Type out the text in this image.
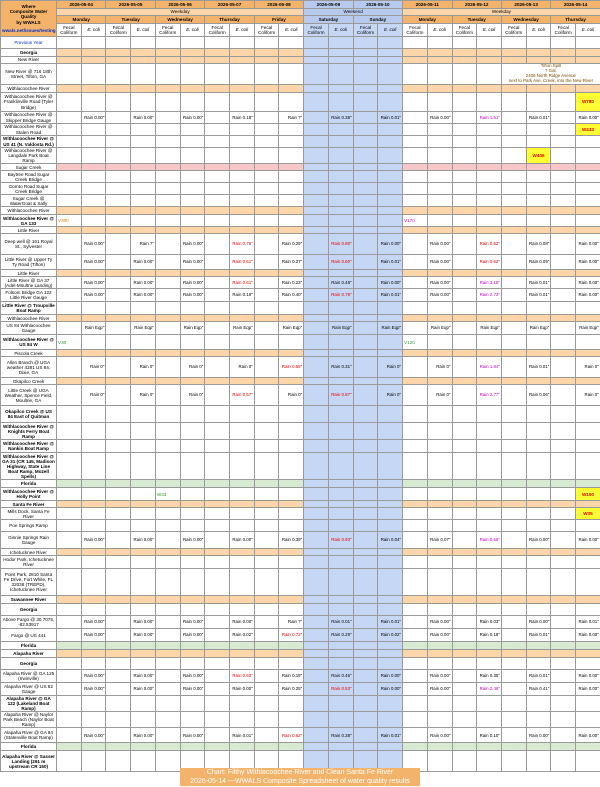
Where
Composite Water Quality
by WWALS
wwals.net/issues/testing	2026-05-04		2026-05-05		2026-05-06		2026-05-07		2026-05-08		2026-05-09		2026-05-10		2026-05-11		2026-05-12		2026-05-13		2026-05-14	
	Weekday										Weekend				Weekday							
	Monday		Tuesday		Wednesday		Thursday		Friday		Saturday		Sunday		Monday		Tuesday		Wednesday		Thursday	
	Fecal Coliform	E. coli	Fecal Coliform	E. coli	Fecal Coliform	E. coli	Fecal Coliform	E. coli	Fecal Coliform	E. coli	Fecal Coliform	E. coli	Fecal Coliform	E. coli	Fecal Coliform	E. coli	Fecal Coliform	E. coli	Fecal Coliform	E. coli	Fecal Coliform	E. coli
Previous Year																						
Georgia																						
New River																						
New River @ 716 18th Street, Tifton, GA																			Tifton Spill
? Gal.
2406 North Ridge Avenue
next to Park Ave. Creek, into the New River			
Withlacoochee River																						
Withlacoochee River @ Franklinville Road (Tyler Bridge)																						W780
Withlacoochee River @ Skipper Bridge Gauge		Rain 0.00"		Rain 0.00"		Rain 0.00"		Rain 0.18"		Rain ?"		Rain 0.38"		Rain 0.01"		Rain 0.00"		Rain 1.51"		Rain 0.01"		Rain 0.00"
Withlacoochee River @ Stalen Road																						W433
Withlacoochee River @ US 41 (N. Valdosta Rd.)																						
Withlacoochee River @ Langdale Park Boat Ramp																				W406		
Sugar Creek																						
Baytree Road Sugar Creek Bridge																						
Gornto Road Sugar Creek Bridge																						
Sugar Creek @ WaterGoat & Sally																						
Withlacoochee River																						
Withlacoochee River @ GA 133	V300														V170							
Little River																						
Deep well @ 161 Royal St., Sylvester		Rain 0.00"		Rain ?"		Rain 0.00"		Rain 0.76"		Rain 0.29"		Rain 0.80"		Rain 0.00"		Rain 0.00"		Rain 0.62"		Rain 0.08"		Rain 0.00"
Little River @ Upper Ty Ty Road (Tifton)		Rain 0.00"		Rain 0.00"		Rain 0.00"		Rain 0.61"		Rain 0.27"		Rain 0.60"		Rain 0.01"		Rain 0.00"		Rain 0.62"		Rain 0.09"		Rain 0.00"
Little River																						
Little River @ GA 37 (Adel-Moultrie Landing)		Rain 0.00"		Rain 0.00"		Rain 0.00"		Rain 0.61"		Rain 0.23"		Rain 0.48"		Rain 0.00"		Rain 0.00"		Rain 3.18"		Rain 0.01"		Rain 0.00"
Folsom Bridge GA 122 Little River Gauge		Rain 0.00"		Rain 0.00"		Rain 0.00"		Rain 0.19"		Rain 0.40"		Rain 0.79"		Rain 0.01"		Rain 0.00"		Rain 2.73"		Rain 0.01"		Rain 0.00"
Little River @ Troupville Boat Ramp																						
Withlacoochee River																						
US 84 Withlacoochee Gauge		Rain Eqp"		Rain Eqp"		Rain Eqp"		Rain Eqp"		Rain Eqp"		Rain Eqp"		Rain Eqp"		Rain Eqp"		Rain Eqp"		Rain Eqp"		Rain Eqp"
Withlacoochee River @ US 84 W	V30														V120							
Piscola Creek																						
Allen Branch @ UGA weather 4281 US 84, Dixie, GA		Rain 0"		Rain 0"		Rain 0"		Rain 0"		Rain 0.55"		Rain 0.31"		Rain 0"		Rain 0"		Rain 1.84"		Rain 0.01"		Rain 0"
Okapilco Creek																						
Little Creek @ UGA Weather, Spence Field, Moultrie, GA		Rain 0"		Rain 0"		Rain 0"		Rain 0.57"		Rain 0"		Rain 0.87"		Rain 0"		Rain 0"		Rain 2.77"		Rain 0.06"		Rain 0"
Okapilco Creek @ US 84 East of Quitman																						
Withlacoochee River @ Knights Ferry Boat Ramp																						
Withlacoochee River @ Nankin Boat Ramp																						
Withlacoochee River @ GA 31 (CR 145, Madison Highway, State Line Boat Ramp, Mozell Spells)																						
Florida																						
Withlacoochee River @ Holly Point					W33																	W100
Santa Fe River																						
Mills Dock, Santa Fe River																						W35
Poe Springs Ramp																						
Ginnie Springs Rain Gauge		Rain 0.00"		Rain 0.00"		Rain 0.00"		Rain 0.00"		Rain 0.39"		Rain 0.93"		Rain 0.04"		Rain 0.07"		Rain 0.66"		Rain 0.00"		Rain 0.00"
Ichetucknee River																						
Hodor Park, Ichetucknee River																						
Point Park, 2810 Santa Fe Drive, Fort White, FL 32038 (TREPD), Ichetucknee River																						
Suwannee River																						
Georgia																						
Above Fargo @ 30.7075, -82.53917		Rain 0.00"		Rain 0.00"		Rain 0.00"		Rain 0.00"		Rain ?"		Rain 0.01"		Rain 0.01"		Rain 0.00"		Rain 0.03"		Rain 0.00"		Rain 0.01"
Fargo @ US 441		Rain 0.00"		Rain 0.00"		Rain 0.00"		Rain 0.02"		Rain 0.72"		Rain 0.29"		Rain 0.02"		Rain 0.00"		Rain 0.18"		Rain 0.01"		Rain 0.00"
Florida																						
Alapaha River																						
Georgia																						
Alapaha River @ GA 125 (Irwinville)		Rain 0.00"		Rain 0.00"		Rain 0.00"		Rain 0.93"		Rain 0.19"		Rain 0.46"		Rain 0.00"		Rain 0.00"		Rain 0.35"		Rain 0.01"		Rain 0.00"
Alapaha River @ US 82 Gauge		Rain 0.00"		Rain 0.00"		Rain 0.00"		Rain 0.00"		Rain 0.25"		Rain 0.53"		Rain 0.00"		Rain 0.00"		Rain 2.46"		Rain 0.41"		Rain 0.00"
Alapaha River @ GA 122 (Lakeland Boat Ramp)																						
Alapaha River @ Naylor Park Beach (Naylor Boat Ramp)																						
Alapaha River @ GA 94 (Statenville Boat Ramp)		Rain 0.00"		Rain 0.00"		Rain 0.00"		Rain 0.01"		Rain 0.62"		Rain 0.38"		Rain 0.01"		Rain 0.00"		Rain 0.10"		Rain 0.00"		Rain 0.00"
Florida																						
Alapaha River @ Sasser Landing (261 m upstream CR 150)																						
Chart: Filthy Withlacoochee River and Clean Santa Fe River
2026-05-14 ---WWALS Composite Spreadsheet of water quality results
